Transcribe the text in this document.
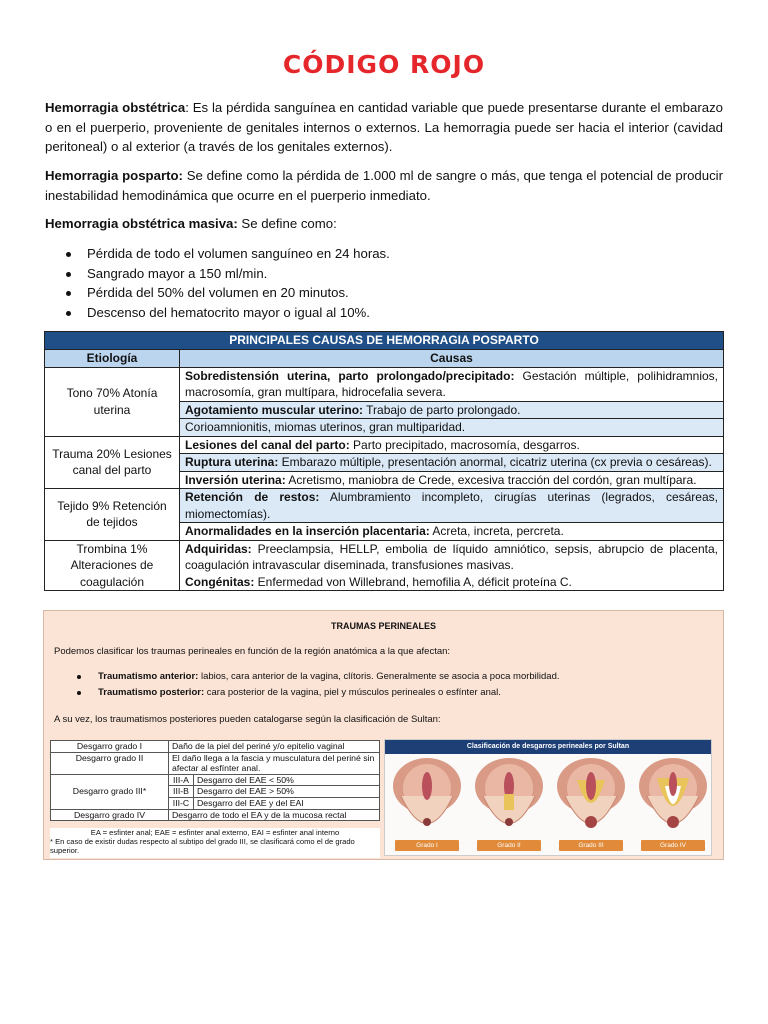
CÓDIGO ROJO

Hemorragia obstétrica: Es la pérdida sanguínea en cantidad variable que puede presentarse durante el embarazo o en el puerperio, proveniente de genitales internos o externos. La hemorragia puede ser hacia el interior (cavidad peritoneal) o al exterior (a través de los genitales externos).

Hemorragia posparto: Se define como la pérdida de 1.000 ml de sangre o más, que tenga el potencial de producir inestabilidad hemodinámica que ocurre en el puerperio inmediato.

Hemorragia obstétrica masiva: Se define como:

Pérdida de todo el volumen sanguíneo en 24 horas.
Sangrado mayor a 150 ml/min.
Pérdida del 50% del volumen en 20 minutos.
Descenso del hematocrito mayor o igual al 10%.
PRINCIPALES CAUSAS DE HEMORRAGIA POSPARTO	
Etiología	Causas
Tono 70% Atonía uterina	Sobredistensión uterina, parto prolongado/precipitado: Gestación múltiple, polihidramnios, macrosomía, gran multípara, hidrocefalia severa.
	Agotamiento muscular uterino: Trabajo de parto prolongado.
	Corioamnionitis, miomas uterinos, gran multiparidad.
Trauma 20% Lesiones canal del parto	Lesiones del canal del parto: Parto precipitado, macrosomía, desgarros.
	Ruptura uterina: Embarazo múltiple, presentación anormal, cicatriz uterina (cx previa o cesáreas).
	Inversión uterina: Acretismo, maniobra de Crede, excesiva tracción del cordón, gran multípara.
Tejido 9% Retención de tejidos	Retención de restos: Alumbramiento incompleto, cirugías uterinas (legrados, cesáreas, miomectomías).
	Anormalidades en la inserción placentaria: Acreta, increta, percreta.
Trombina 1% Alteraciones de coagulación	Adquiridas: Preeclampsia, HELLP, embolia de líquido amniótico, sepsis, abrupcio de placenta, coagulación intravascular diseminada, transfusiones masivas.
Congénitas: Enfermedad von Willebrand, hemofilia A, déficit proteína C.
TRAUMAS PERINEALES
Podemos clasificar los traumas perineales en función de la región anatómica a la que afectan:
Traumatismo anterior: labios, cara anterior de la vagina, clítoris. Generalmente se asocia a poca morbilidad.
Traumatismo posterior: cara posterior de la vagina, piel y músculos perineales o esfínter anal.
A su vez, los traumatismos posteriores pueden catalogarse según la clasificación de Sultan:
Desgarro grado I	Daño de la piel del periné y/o epitelio vaginal	
Desgarro grado II	El daño llega a la fascia y musculatura del periné sin afectar al esfínter anal.	
Desgarro grado III*	III-A	Desgarro del EAE < 50%
	III-B	Desgarro del EAE > 50%
	III-C	Desgarro del EAE y del EAI
Desgarro grado IV	Desgarro de todo el EA y de la mucosa rectal	
EA = esfinter anal; EAE = esfinter anal externo, EAI = esfinter anal interno
* En caso de existir dudas respecto al subtipo del grado III, se clasificará como el de grado superior.
Clasificación de desgarros perineales por Sultan
Grado I	Grado II	Grado III	Grado IV
